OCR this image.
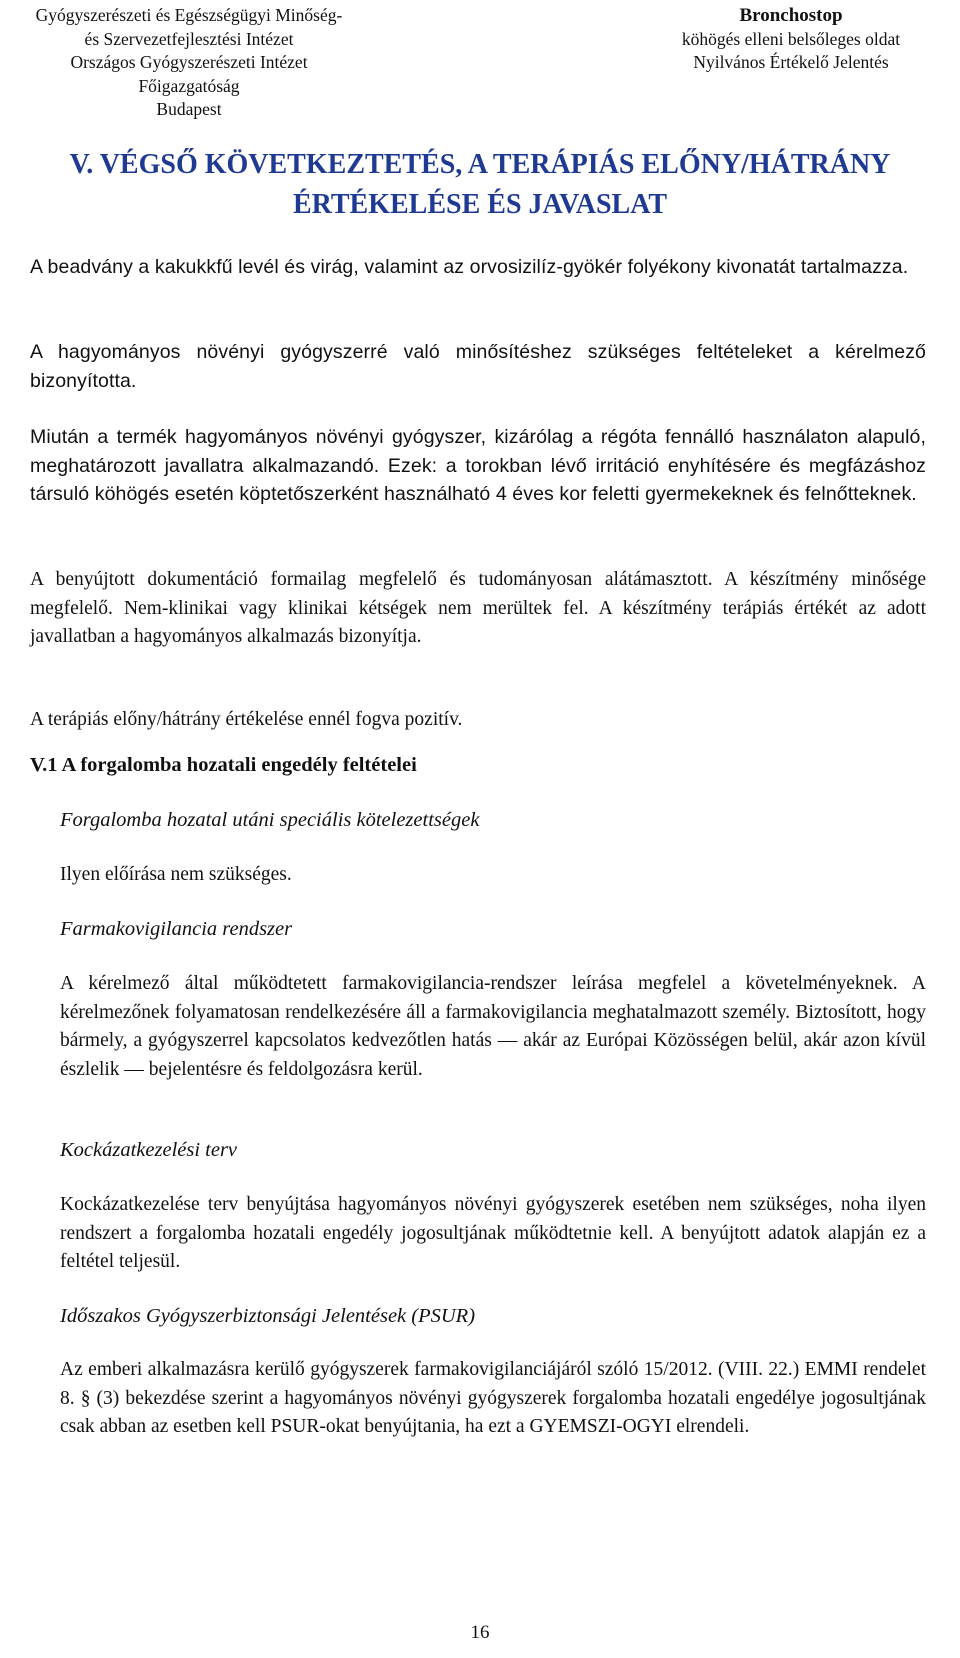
Gyógyszerészeti és Egészségügyi Minőség-
és Szervezetfejlesztési Intézet
Országos Gyógyszerészeti Intézet
Főigazgatóság
Budapest
Bronchostop
köhögés elleni belsőleges oldat
Nyilvános Értékelő Jelentés
V. VÉGSŐ KÖVETKEZTETÉS, A TERÁPIÁS ELŐNY/HÁTRÁNY
ÉRTÉKELÉSE ÉS JAVASLAT
A beadvány a kakukkfű levél és virág, valamint az orvosizilíz-gyökér folyékony kivonatát tartalmazza.
A hagyományos növényi gyógyszerré való minősítéshez szükséges feltételeket a kérelmező bizonyította.
Miután a termék hagyományos növényi gyógyszer, kizárólag a régóta fennálló használaton alapuló, meghatározott javallatra alkalmazandó. Ezek: a torokban lévő irritáció enyhítésére és megfázáshoz társuló köhögés esetén köptetőszerként használható 4 éves kor feletti gyermekeknek és felnőtteknek.
A benyújtott dokumentáció formailag megfelelő és tudományosan alátámasztott. A készítmény minősége megfelelő. Nem-klinikai vagy klinikai kétségek nem merültek fel. A készítmény terápiás értékét az adott javallatban a hagyományos alkalmazás bizonyítja.
A terápiás előny/hátrány értékelése ennél fogva pozitív.
V.1 A forgalomba hozatali engedély feltételei
Forgalomba hozatal utáni speciális kötelezettségek
Ilyen előírása nem szükséges.
Farmakovigilancia rendszer
A kérelmező által működtetett farmakovigilancia-rendszer leírása megfelel a követelményeknek. A kérelmezőnek folyamatosan rendelkezésére áll a farmakovigilancia meghatalmazott személy. Biztosított, hogy bármely, a gyógyszerrel kapcsolatos kedvezőtlen hatás — akár az Európai Közösségen belül, akár azon kívül észlelik — bejelentésre és feldolgozásra kerül.
Kockázatkezelési terv
Kockázatkezelése terv benyújtása hagyományos növényi gyógyszerek esetében nem szükséges, noha ilyen rendszert a forgalomba hozatali engedély jogosultjának működtetnie kell. A benyújtott adatok alapján ez a feltétel teljesül.
Időszakos Gyógyszerbiztonsági Jelentések (PSUR)
Az emberi alkalmazásra kerülő gyógyszerek farmakovigilanciájáról szóló 15/2012. (VIII. 22.) EMMI rendelet 8. § (3) bekezdése szerint a hagyományos növényi gyógyszerek forgalomba hozatali engedélye jogosultjának csak abban az esetben kell PSUR-okat benyújtania, ha ezt a GYEMSZI-OGYI elrendeli.
16
